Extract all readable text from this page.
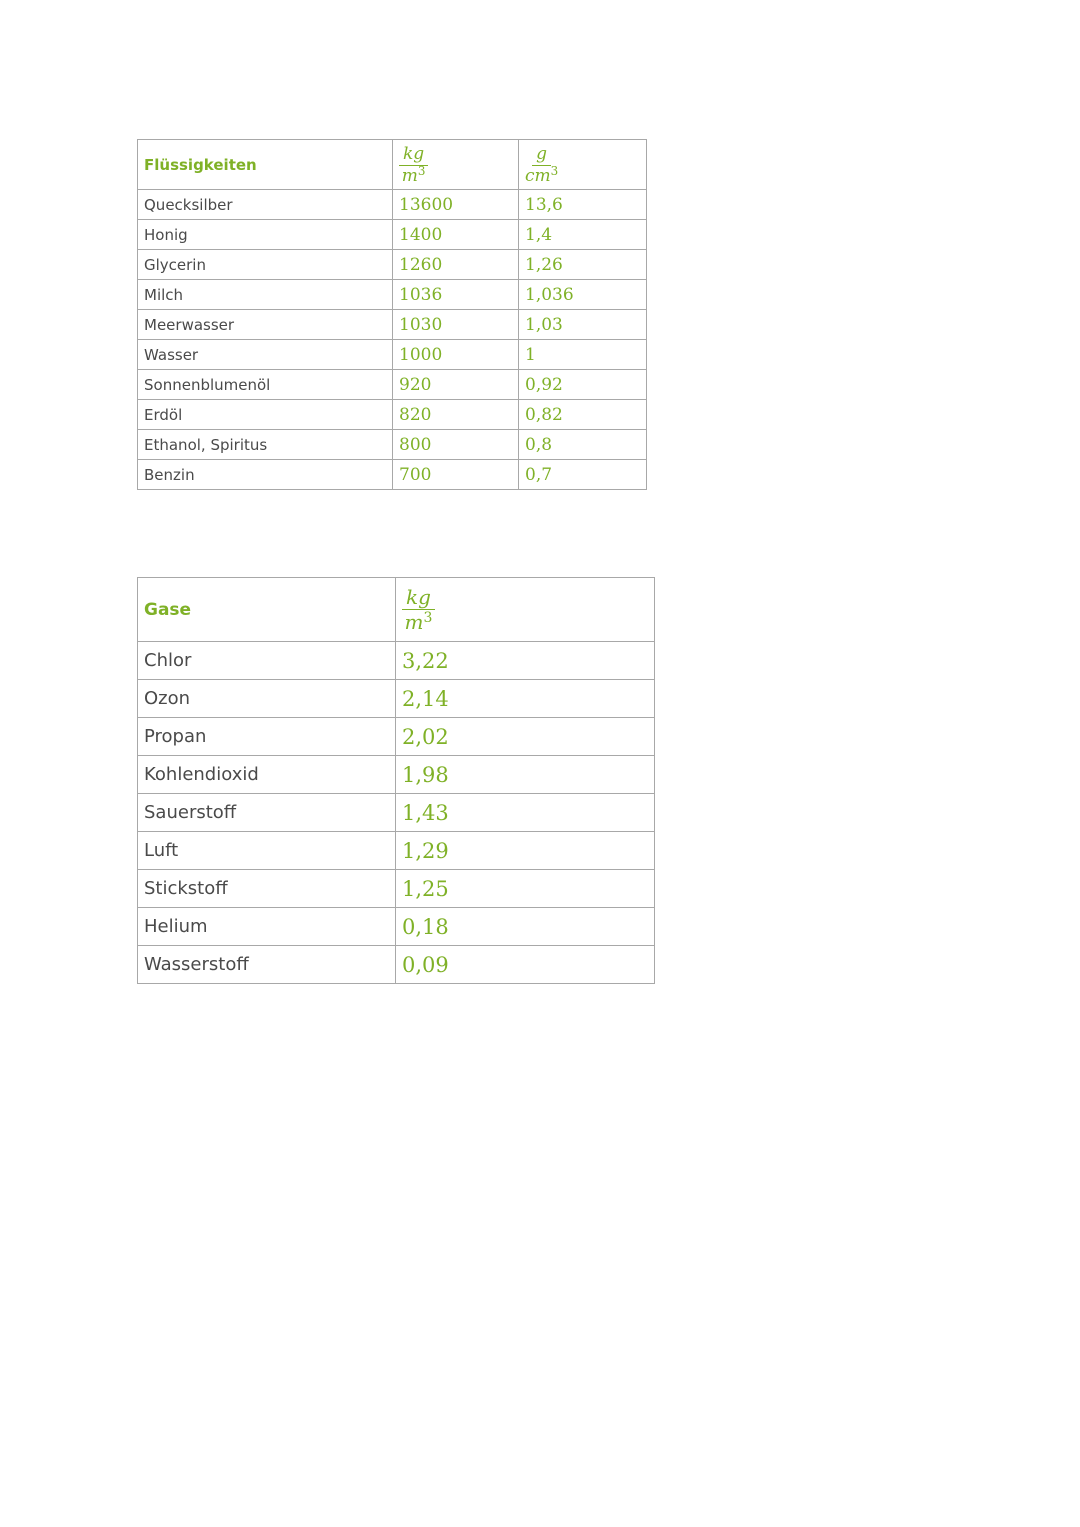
Flüssigkeiten	$\frac{kg}{m^3}$	$\frac{g}{cm^3}$

Quecksilber	13600	13,6
Honig	1400	1,4
Glycerin	1260	1,26
Milch	1036	1,036
Meerwasser	1030	1,03
Wasser	1000	1
Sonnenblumenöl	920	0,92
Erdöl	820	0,82
Ethanol, Spiritus	800	0,8
Benzin	700	0,7
Gase	$\frac{kg}{m^3}$

Chlor	3,22
Ozon	2,14
Propan	2,02
Kohlendioxid	1,98
Sauerstoff	1,43
Luft	1,29
Stickstoff	1,25
Helium	0,18
Wasserstoff	0,09
